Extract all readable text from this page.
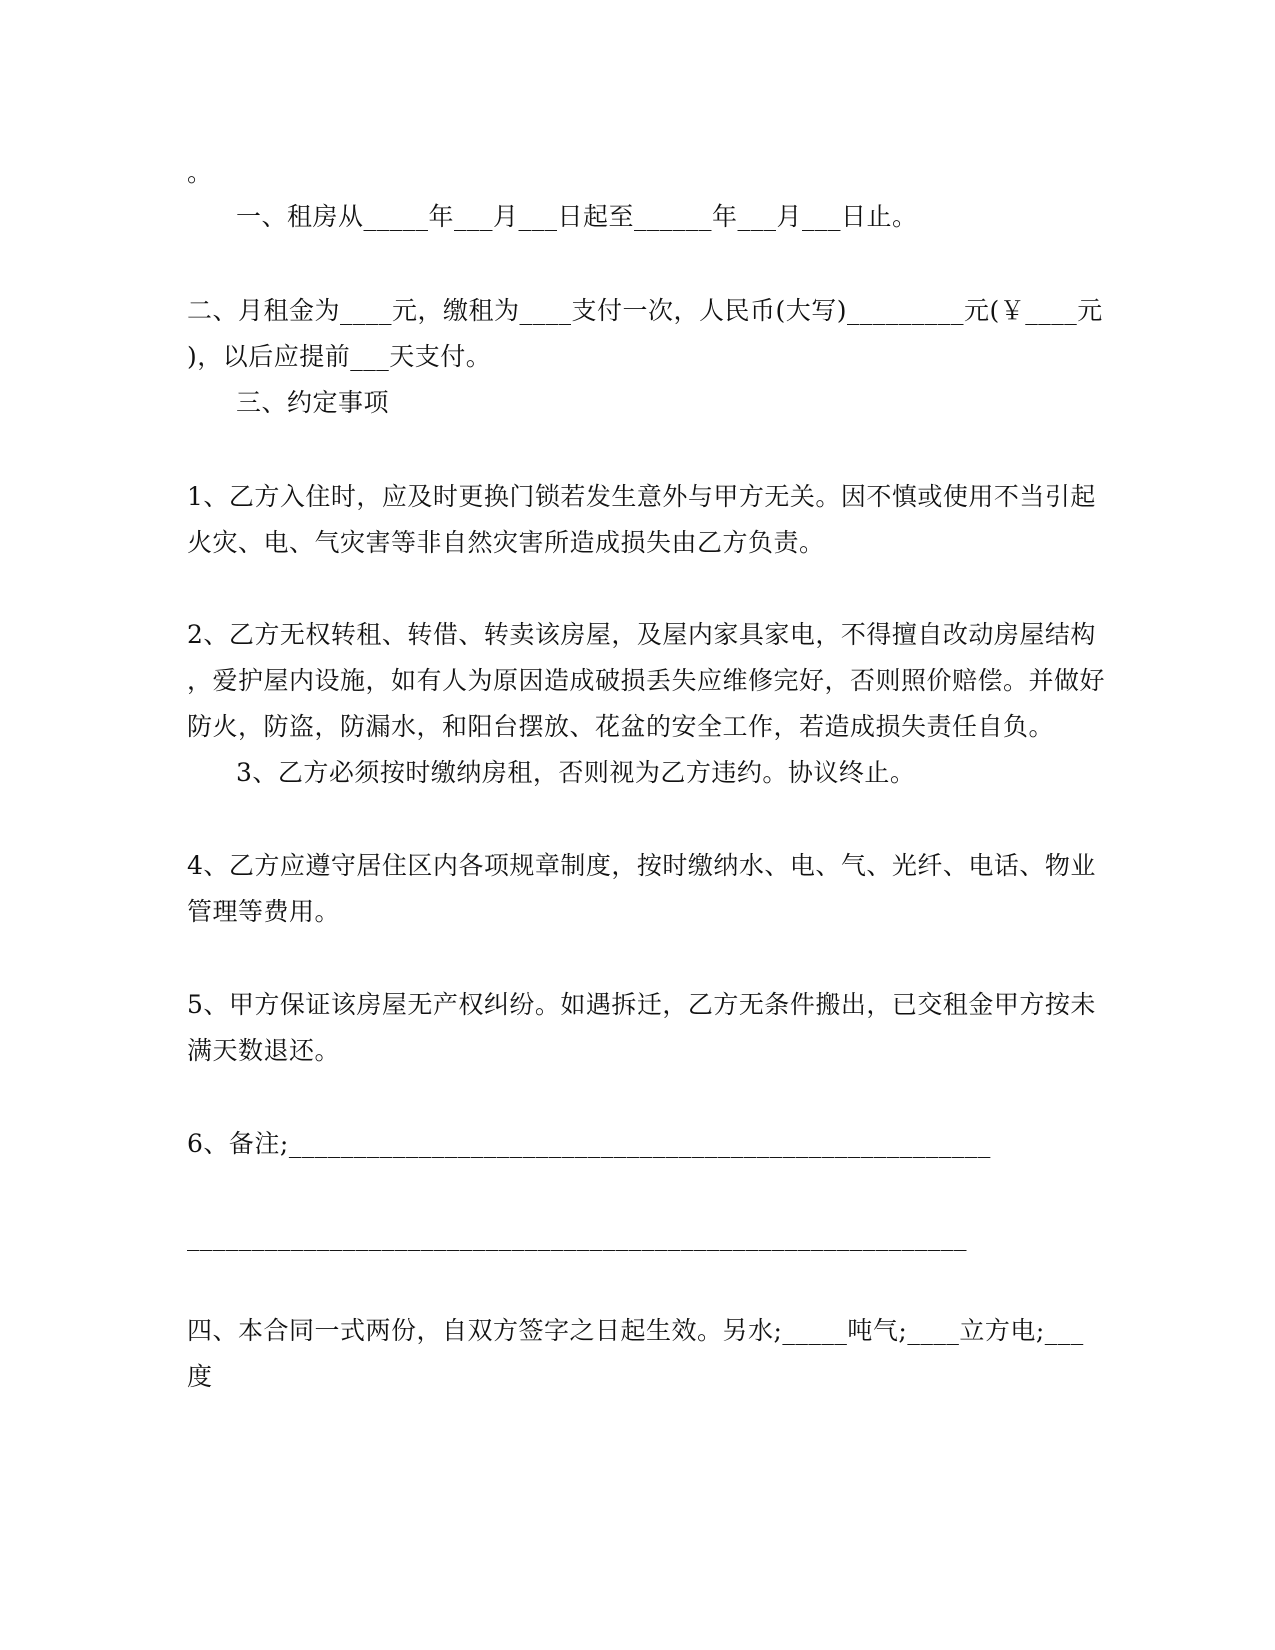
。
一、租房从_____年___月___日起至______年___月___日止。
二、月租金为____元，缴租为____支付一次，人民币(大写)_________元(￥____元
)，以后应提前___天支付。
三、约定事项
1、乙方入住时，应及时更换门锁若发生意外与甲方无关。因不慎或使用不当引起
火灾、电、气灾害等非自然灾害所造成损失由乙方负责。
2、乙方无权转租、转借、转卖该房屋，及屋内家具家电，不得擅自改动房屋结构
，爱护屋内设施，如有人为原因造成破损丢失应维修完好，否则照价赔偿。并做好
防火，防盗，防漏水，和阳台摆放、花盆的安全工作，若造成损失责任自负。
3、乙方必须按时缴纳房租，否则视为乙方违约。协议终止。
4、乙方应遵守居住区内各项规章制度，按时缴纳水、电、气、光纤、电话、物业
管理等费用。
5、甲方保证该房屋无产权纠纷。如遇拆迁，乙方无条件搬出，已交租金甲方按未
满天数退还。
6、备注;______________________________________________________
____________________________________________________________
四、本合同一式两份，自双方签字之日起生效。另水;_____吨气;____立方电;___
度
